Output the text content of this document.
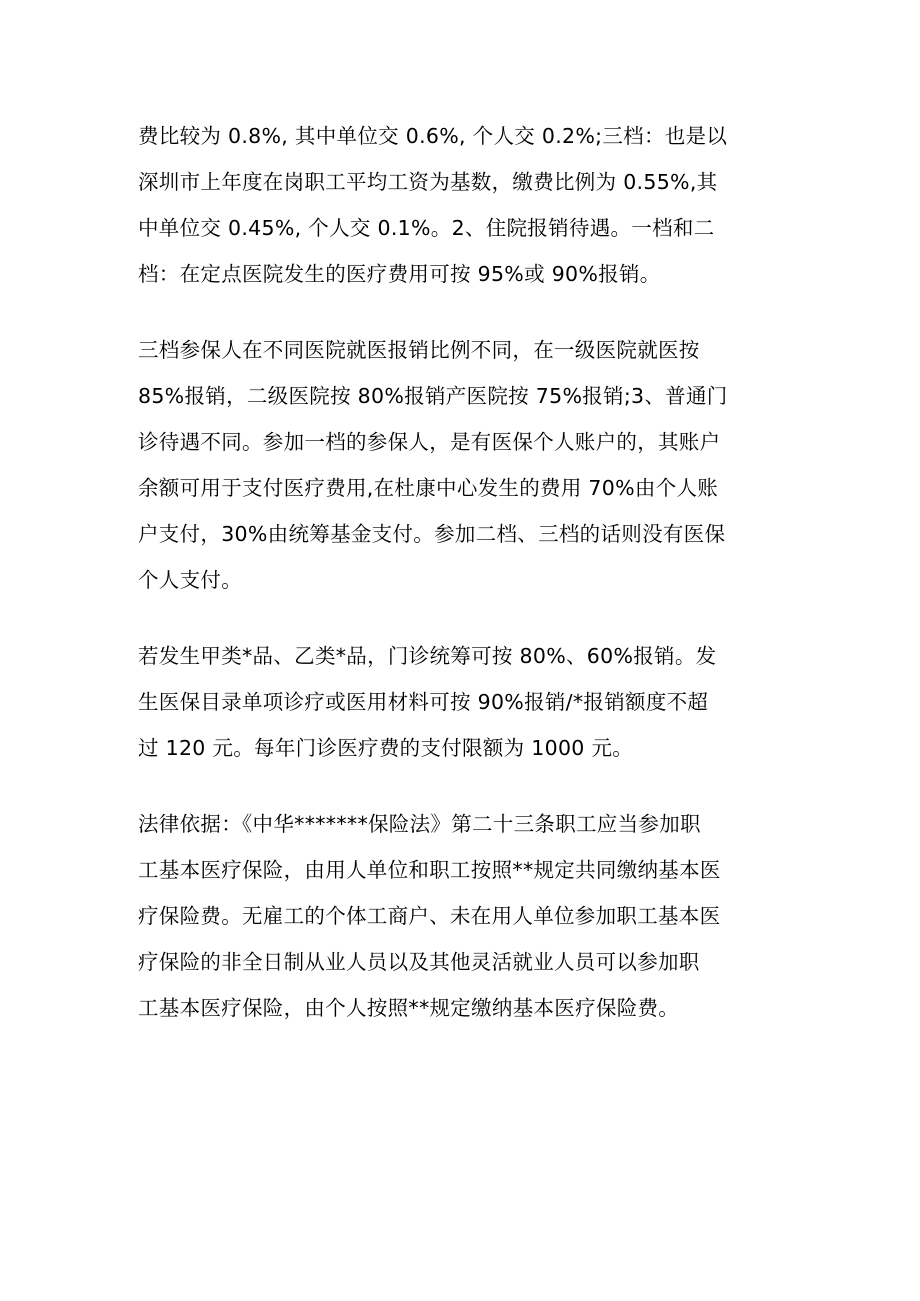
费比较为 0.8%, 其中单位交 0.6%, 个人交 0.2%;三档：也是以
深圳市上年度在岗职工平均工资为基数，缴费比例为 0.55%,其
中单位交 0.45%, 个人交 0.1%。2、住院报销待遇。一档和二
档：在定点医院发生的医疗费用可按 95%或 90%报销。

三档参保人在不同医院就医报销比例不同，在一级医院就医按
85%报销，二级医院按 80%报销产医院按 75%报销;3、普通门
诊待遇不同。参加一档的参保人，是有医保个人账户的，其账户
余额可用于支付医疗费用,在杜康中心发生的费用 70%由个人账
户支付，30%由统筹基金支付。参加二档、三档的话则没有医保
个人支付。

若发生甲类*品、乙类*品，门诊统筹可按 80%、60%报销。发
生医保目录单项诊疗或医用材料可按 90%报销/*报销额度不超
过 120 元。每年门诊医疗费的支付限额为 1000 元。

法律依据：《中华*******保险法》第二十三条职工应当参加职
工基本医疗保险，由用人单位和职工按照**规定共同缴纳基本医
疗保险费。无雇工的个体工商户、未在用人单位参加职工基本医
疗保险的非全日制从业人员以及其他灵活就业人员可以参加职
工基本医疗保险，由个人按照**规定缴纳基本医疗保险费。
